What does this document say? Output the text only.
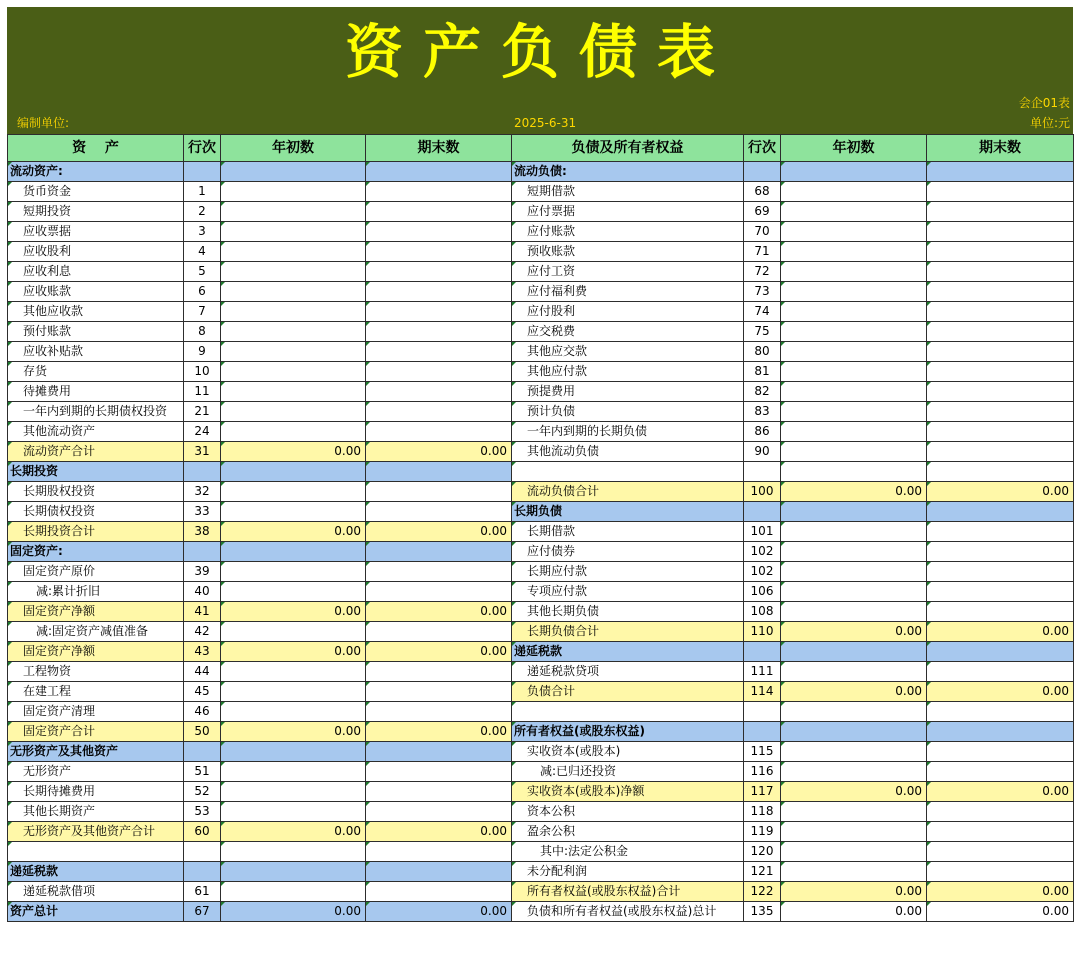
资产负债表
会企01表
编制单位:	2025-6-31	单位:元
资　 产	行次	年初数	期末数	负债及所有者权益	行次	年初数	期末数
流动资产:				流动负债:			
货币资金	1			短期借款	68		
短期投资	2			应付票据	69		
应收票据	3			应付账款	70		
应收股利	4			预收账款	71		
应收利息	5			应付工资	72		
应收账款	6			应付福利费	73		
其他应收款	7			应付股利	74		
预付账款	8			应交税费	75		
应收补贴款	9			其他应交款	80		
存货	10			其他应付款	81		
待摊费用	11			预提费用	82		
一年内到期的长期债权投资	21			预计负债	83		
其他流动资产	24			一年内到期的长期负债	86		
流动资产合计	31	0.00	0.00	其他流动负债	90		
长期投资							
长期股权投资	32			流动负债合计	100	0.00	0.00
长期债权投资	33			长期负债			
长期投资合计	38	0.00	0.00	长期借款	101		
固定资产:				应付债券	102		
固定资产原价	39			长期应付款	102		
减:累计折旧	40			专项应付款	106		
固定资产净额	41	0.00	0.00	其他长期负债	108		
减:固定资产减值准备	42			长期负债合计	110	0.00	0.00
固定资产净额	43	0.00	0.00	递延税款			
工程物资	44			递延税款贷项	111		
在建工程	45			负债合计	114	0.00	0.00
固定资产清理	46						
固定资产合计	50	0.00	0.00	所有者权益(或股东权益)			
无形资产及其他资产				实收资本(或股本)	115		
无形资产	51			减:已归还投资	116		
长期待摊费用	52			实收资本(或股本)净额	117	0.00	0.00
其他长期资产	53			资本公积	118		
无形资产及其他资产合计	60	0.00	0.00	盈余公积	119		
				其中:法定公积金	120		
递延税款				未分配利润	121		
递延税款借项	61			所有者权益(或股东权益)合计	122	0.00	0.00
资产总计	67	0.00	0.00	负债和所有者权益(或股东权益)总计	135	0.00	0.00
